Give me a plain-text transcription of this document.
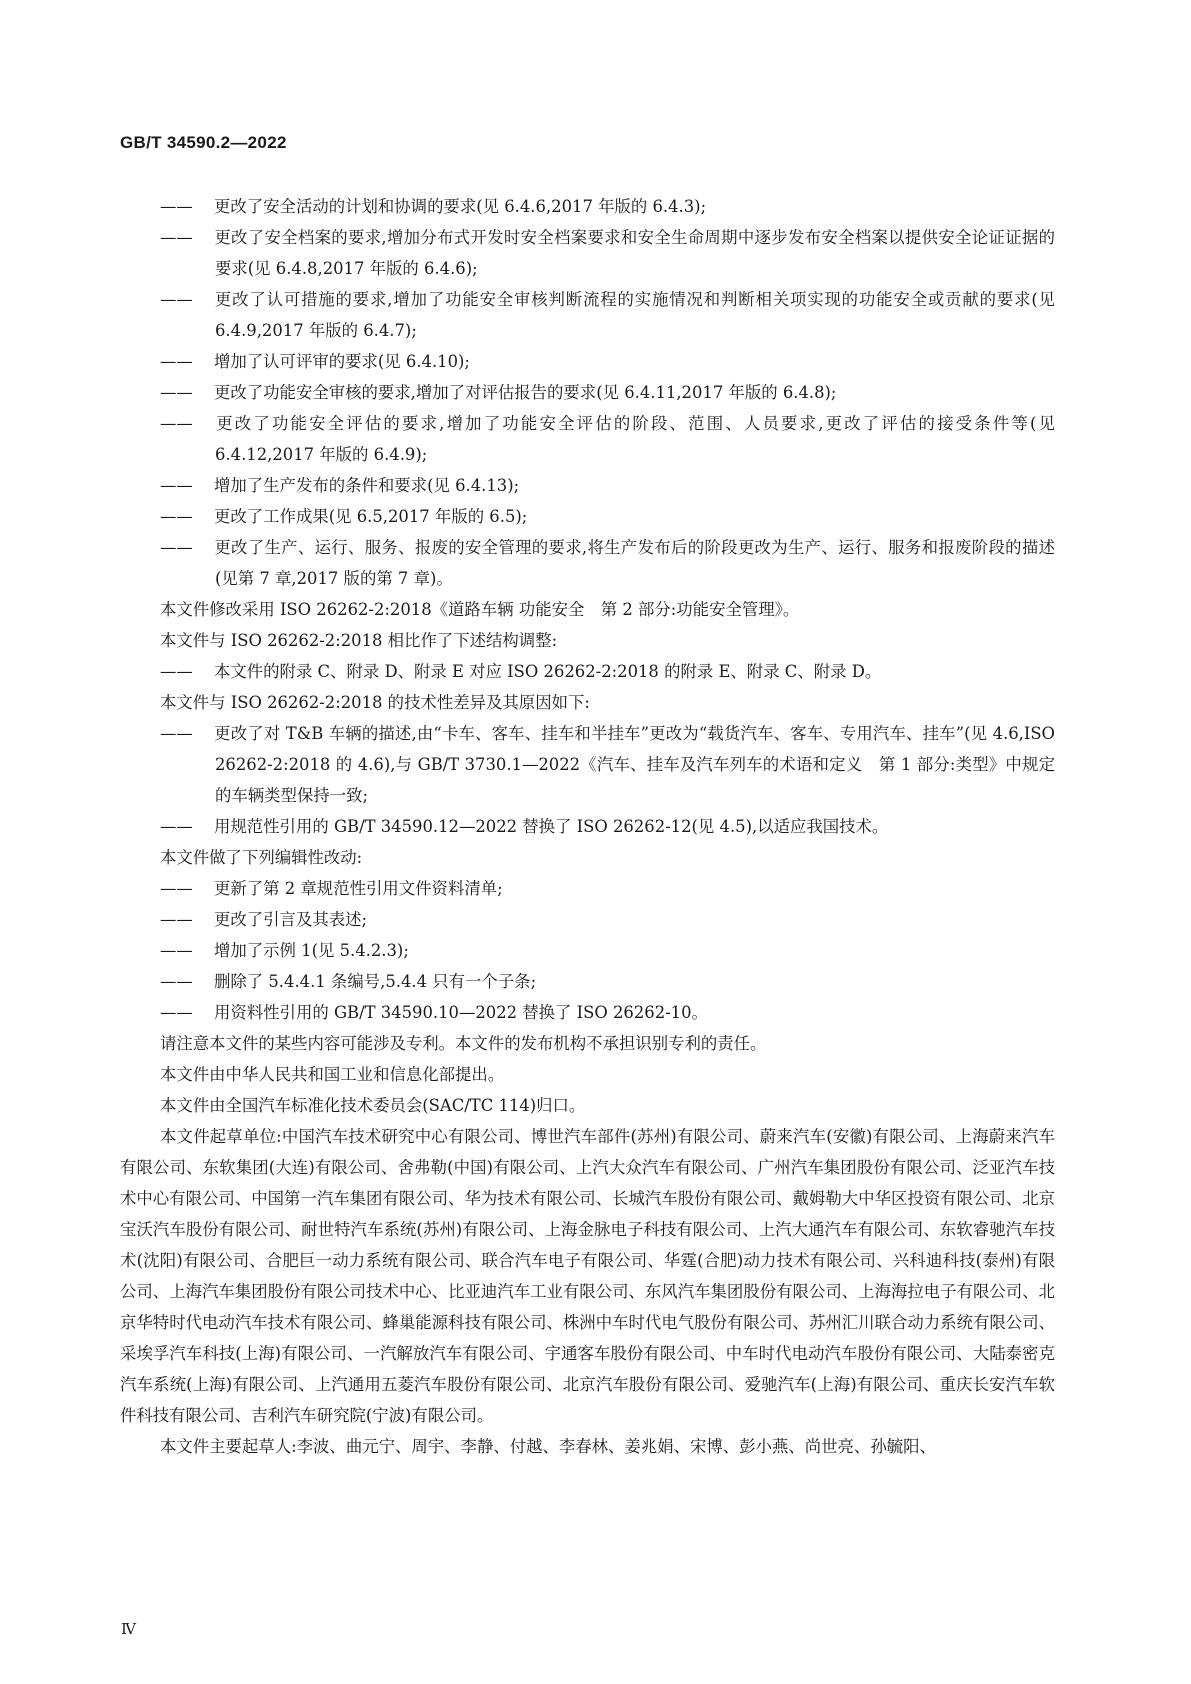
GB/T 34590.2—2022

—— 更改了安全活动的计划和协调的要求(见 6.4.6,2017 年版的 6.4.3);

—— 更改了安全档案的要求,增加分布式开发时安全档案要求和安全生命周期中逐步发布安全档案以提供安全论证证据的要求(见 6.4.8,2017 年版的 6.4.6);

—— 更改了认可措施的要求,增加了功能安全审核判断流程的实施情况和判断相关项实现的功能安全或贡献的要求(见 6.4.9,2017 年版的 6.4.7);

—— 增加了认可评审的要求(见 6.4.10);

—— 更改了功能安全审核的要求,增加了对评估报告的要求(见 6.4.11,2017 年版的 6.4.8);

—— 更改了功能安全评估的要求,增加了功能安全评估的阶段、范围、人员要求,更改了评估的接受条件等(见 6.4.12,2017 年版的 6.4.9);

—— 增加了生产发布的条件和要求(见 6.4.13);

—— 更改了工作成果(见 6.5,2017 年版的 6.5);

—— 更改了生产、运行、服务、报废的安全管理的要求,将生产发布后的阶段更改为生产、运行、服务和报废阶段的描述(见第 7 章,2017 版的第 7 章)。

本文件修改采用 ISO 26262-2:2018《道路车辆 功能安全　第 2 部分:功能安全管理》。

本文件与 ISO 26262-2:2018 相比作了下述结构调整:

—— 本文件的附录 C、附录 D、附录 E 对应 ISO 26262-2:2018 的附录 E、附录 C、附录 D。

本文件与 ISO 26262-2:2018 的技术性差异及其原因如下:

—— 更改了对 T&B 车辆的描述,由“卡车、客车、挂车和半挂车”更改为“载货汽车、客车、专用汽车、挂车”(见 4.6,ISO 26262-2:2018 的 4.6),与 GB/T 3730.1—2022《汽车、挂车及汽车列车的术语和定义　第 1 部分:类型》中规定的车辆类型保持一致;

—— 用规范性引用的 GB/T 34590.12—2022 替换了 ISO 26262-12(见 4.5),以适应我国技术。

本文件做了下列编辑性改动:

—— 更新了第 2 章规范性引用文件资料清单;

—— 更改了引言及其表述;

—— 增加了示例 1(见 5.4.2.3);

—— 删除了 5.4.4.1 条编号,5.4.4 只有一个子条;

—— 用资料性引用的 GB/T 34590.10—2022 替换了 ISO 26262-10。

请注意本文件的某些内容可能涉及专利。本文件的发布机构不承担识别专利的责任。

本文件由中华人民共和国工业和信息化部提出。

本文件由全国汽车标准化技术委员会(SAC/TC 114)归口。

本文件起草单位:中国汽车技术研究中心有限公司、博世汽车部件(苏州)有限公司、蔚来汽车(安徽)有限公司、上海蔚来汽车有限公司、东软集团(大连)有限公司、舍弗勒(中国)有限公司、上汽大众汽车有限公司、广州汽车集团股份有限公司、泛亚汽车技术中心有限公司、中国第一汽车集团有限公司、华为技术有限公司、长城汽车股份有限公司、戴姆勒大中华区投资有限公司、北京宝沃汽车股份有限公司、耐世特汽车系统(苏州)有限公司、上海金脉电子科技有限公司、上汽大通汽车有限公司、东软睿驰汽车技术(沈阳)有限公司、合肥巨一动力系统有限公司、联合汽车电子有限公司、华霆(合肥)动力技术有限公司、兴科迪科技(泰州)有限公司、上海汽车集团股份有限公司技术中心、比亚迪汽车工业有限公司、东风汽车集团股份有限公司、上海海拉电子有限公司、北京华特时代电动汽车技术有限公司、蜂巢能源科技有限公司、株洲中车时代电气股份有限公司、苏州汇川联合动力系统有限公司、采埃孚汽车科技(上海)有限公司、一汽解放汽车有限公司、宇通客车股份有限公司、中车时代电动汽车股份有限公司、大陆泰密克汽车系统(上海)有限公司、上汽通用五菱汽车股份有限公司、北京汽车股份有限公司、爱驰汽车(上海)有限公司、重庆长安汽车软件科技有限公司、吉利汽车研究院(宁波)有限公司。

本文件主要起草人:李波、曲元宁、周宇、李静、付越、李春林、姜兆娟、宋博、彭小燕、尚世亮、孙毓阳、

Ⅳ
